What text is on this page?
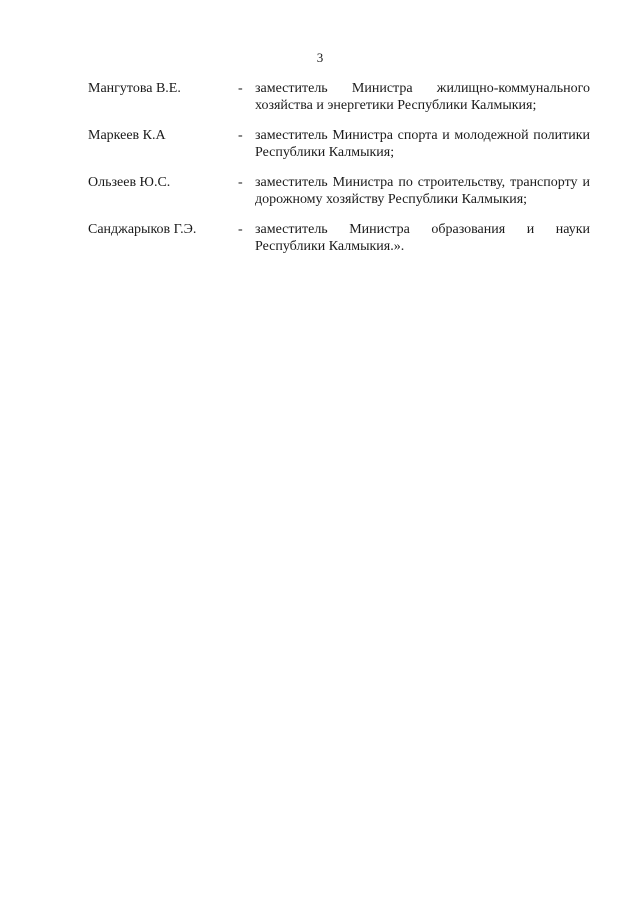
3
Мангутова В.Е.	- заместитель Министра жилищно-коммунального хозяйства и энергетики Республики Калмыкия;
Маркеев К.А	- заместитель Министра спорта и молодежной политики Республики Калмыкия;
Ользеев Ю.С.	- заместитель Министра по строительству, транспорту и дорожному хозяйству Республики Калмыкия;
Санджарыков Г.Э.	- заместитель Министра образования и науки Республики Калмыкия.».
